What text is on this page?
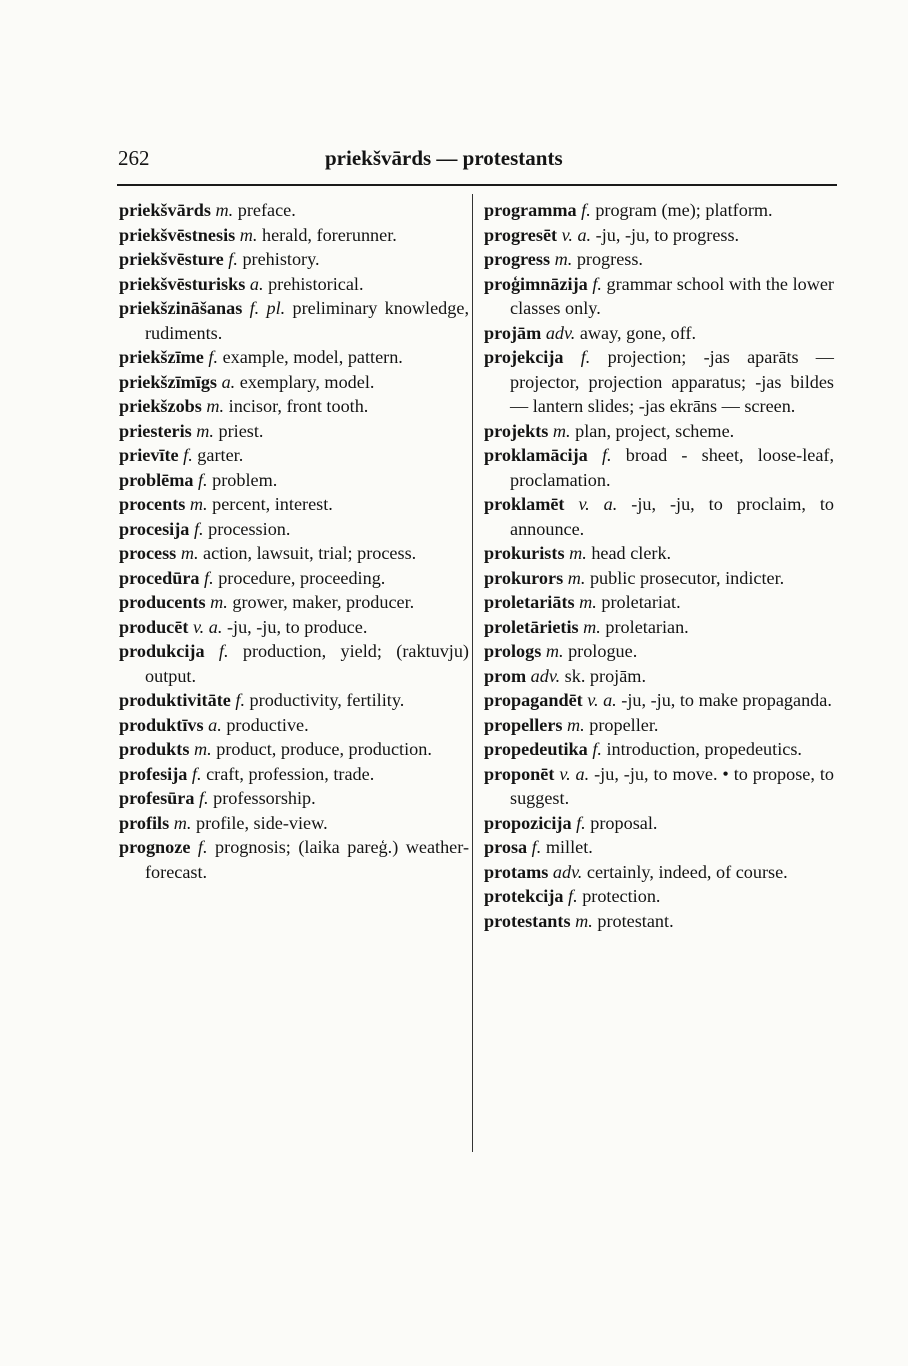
262	priekšvārds — protestants
priekšvārds m. preface.
priekšvēstnesis m. herald, forerunner.
priekšvēsture f. prehistory.
priekšvēsturisks a. prehistorical.
priekšzināšanas f. pl. preliminary knowledge, rudiments.
priekšzīme f. example, model, pattern.
priekšzīmīgs a. exemplary, model.
priekšzobs m. incisor, front tooth.
priesteris m. priest.
prievīte f. garter.
problēma f. problem.
procents m. percent, interest.
procesija f. procession.
process m. action, lawsuit, trial; process.
procedūra f. procedure, proceeding.
producents m. grower, maker, producer.
producēt v. a. -ju, -ju, to produce.
produkcija f. production, yield; (raktuvju) output.
produktivitāte f. productivity, fertility.
produktīvs a. productive.
produkts m. product, produce, production.
profesija f. craft, profession, trade.
profesūra f. professorship.
profils m. profile, side-view.
prognoze f. prognosis; (laika pareģ.) weather-forecast.
programma f. program (me); platform.
progresēt v. a. -ju, -ju, to progress.
progress m. progress.
proģimnāzija f. grammar school with the lower classes only.
projām adv. away, gone, off.
projekcija f. projection; -jas aparāts — projector, projection apparatus; -jas bildes — lantern slides; -jas ekrāns — screen.
projekts m. plan, project, scheme.
proklamācija f. broad - sheet, loose-leaf, proclamation.
proklamēt v. a. -ju, -ju, to proclaim, to announce.
prokurists m. head clerk.
prokurors m. public prosecutor, indicter.
proletariāts m. proletariat.
proletārietis m. proletarian.
prologs m. prologue.
prom adv. sk. projām.
propagandēt v. a. -ju, -ju, to make propaganda.
propellers m. propeller.
propedeutika f. introduction, propedeutics.
proponēt v. a. -ju, -ju, to move. • to propose, to suggest.
propozicija f. proposal.
prosa f. millet.
protams adv. certainly, indeed, of course.
protekcija f. protection.
protestants m. protestant.
